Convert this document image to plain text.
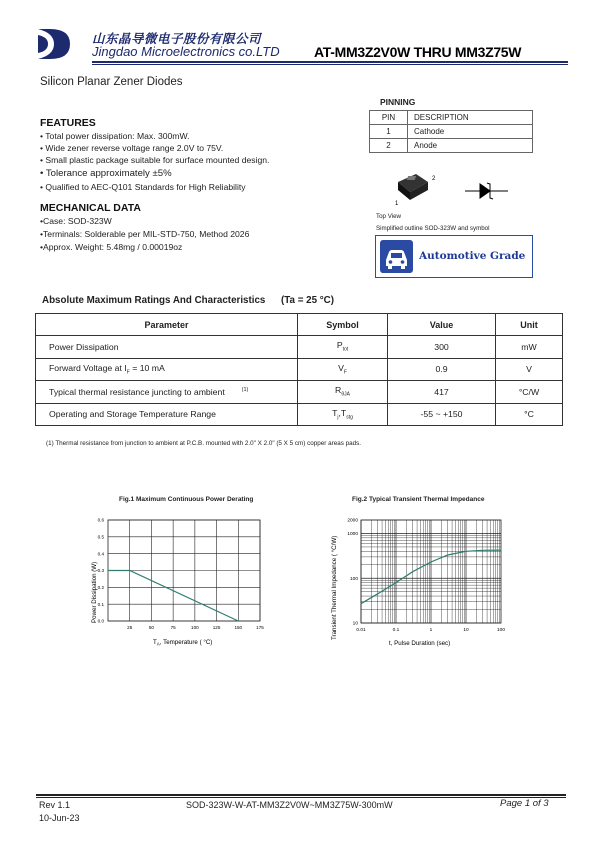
山东晶导微电子股份有限公司
Jingdao Microelectronics co.LTD AT-MM3Z2V0W THRU MM3Z75W
Silicon Planar Zener Diodes
FEATURES
• Total power dissipation: Max. 300mW.
• Wide zener reverse voltage range 2.0V to 75V.
• Small plastic package suitable for surface mounted design.
• Tolerance approximately ±5%
• Qualified to AEC-Q101 Standards for High Reliability
MECHANICAL DATA
•Case: SOD-323W
•Terminals: Solderable per MIL-STD-750, Method 2026
•Approx. Weight: 5.48mg / 0.00019oz
PINNING
PIN	DESCRIPTION
1	Cathode
2	Anode
1
2
Top View
Simplified outline SOD-323W and symbol
Automotive Grade
Absolute Maximum Ratings And Characteristics (Ta = 25 °C)
Parameter	Symbol	Value	Unit
Power Dissipation	$P_{tot}$	300	mW
Forward Voltage at $I_F = 10$ mA	$V_F$	0.9	V
Typical thermal resistance juncting to ambient $^{(1)}$	$R_{\theta JA}$	417	°C/W
Operating and Storage Temperature Range	$T_j,T_{stg}$	-55 ~ +150	°C
(1) Thermal resistance from junction to ambient at P.C.B. mounted with 2.0" X 2.0" (5 X 5 cm) copper areas pads.
Fig.1 Maximum Continuous Power Derating
25	50	75	100	125	150	175
0.0
0.1
0.2
0.3
0.4
0.5
0.6
Power Dissipation (W)
$T_A$, Temperature ( °C)
Fig.2 Typical Transient Thermal Impedance
0.01	0.1	1	10	100
10
100
1000
2000
Transient Thermal Impedance ( °C/W)
t, Pulse Duration (sec)
Rev 1.1
10-Jun-23
SOD-323W-W-AT-MM3Z2V0W~MM3Z75W-300mW	Page 1 of 3
